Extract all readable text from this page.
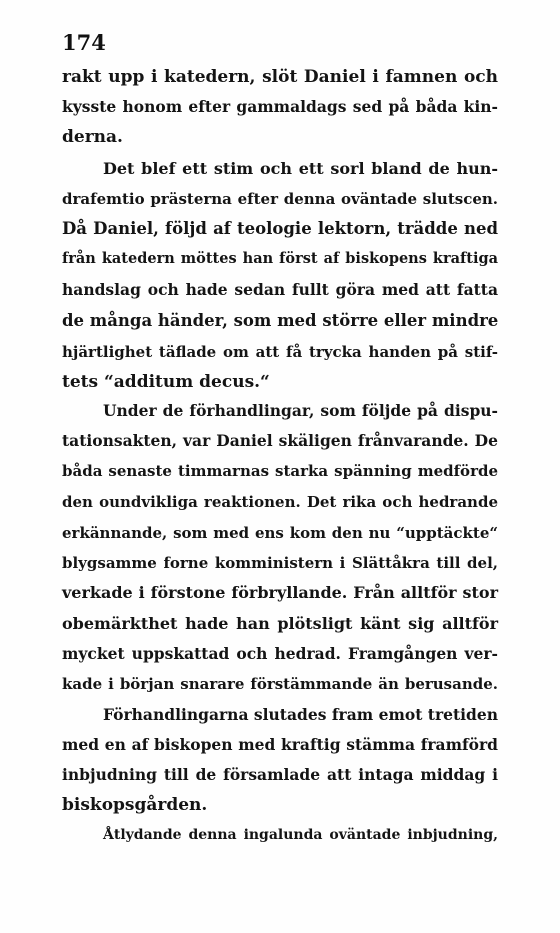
174
rakt upp i katedern, slöt Daniel i famnen och
kysste honom efter gammaldags sed på båda kin-
derna.
Det blef ett stim och ett sorl bland de hun-
drafemtio prästerna efter denna oväntade slutscen.
Då Daniel, följd af teologie lektorn, trädde ned
från katedern möttes han först af biskopens kraftiga
handslag och hade sedan fullt göra med att fatta
de många händer, som med större eller mindre
hjärtlighet täflade om att få trycka handen på stif-
tets “additum decus.“
Under de förhandlingar, som följde på dispu-
tationsakten, var Daniel skäligen frånvarande. De
båda senaste timmarnas starka spänning medförde
den oundvikliga reaktionen. Det rika och hedrande
erkännande, som med ens kom den nu “upptäckte“
blygsamme forne komministern i Slättåkra till del,
verkade i förstone förbryllande. Från alltför stor
obemärkthet hade han plötsligt känt sig alltför
mycket uppskattad och hedrad. Framgången ver-
kade i början snarare förstämmande än berusande.
Förhandlingarna slutades fram emot tretiden
med en af biskopen med kraftig stämma framförd
inbjudning till de församlade att intaga middag i
biskopsgården.
Åtlydande denna ingalunda oväntade inbjudning,
